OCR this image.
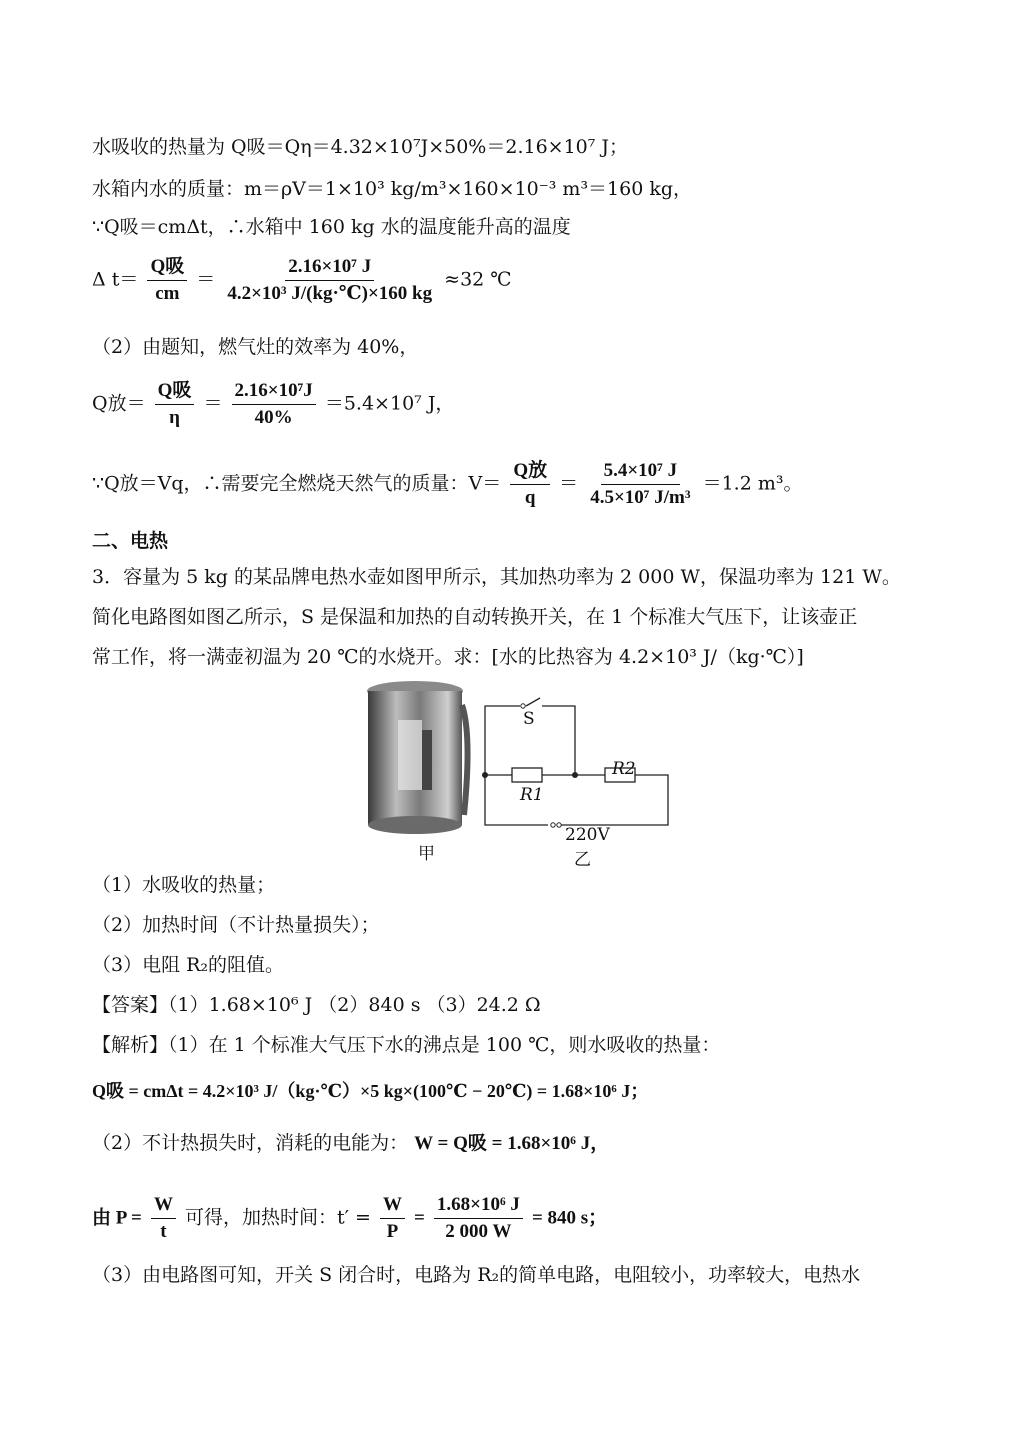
水吸收的热量为 Q吸＝Qη＝4.32×10⁷J×50%＝2.16×10⁷ J；
水箱内水的质量：m＝ρV＝1×10³ kg/m³×160×10⁻³ m³＝160 kg，
∵Q吸＝cmΔt，∴水箱中 160 kg 水的温度能升高的温度
Δ $t= \frac{\text{Q吸}}{cm} = \frac{\text{2.16×10⁷ J}}{\text{4.2×10³ J/(kg·℃)×160 kg}} \approx 32$ ℃
（2）由题知，燃气灶的效率为 40%，
Q放＝ $\frac{\text{Q吸}}{\eta} = \frac{\text{2.16×10⁷J}}{40\%} =5.4\times 10^7$ J，
∵Q放＝Vq，∴需要完全燃烧天然气的质量：$V= \frac{\text{Q放}}{q} = \frac{\text{5.4×10⁷ J}}{\text{4.5×10⁷ J/m³}} =1.2$ m³。
二、电热
3．容量为 5 kg 的某品牌电热水壶如图甲所示，其加热功率为 2 000 W，保温功率为 121 W。
简化电路图如图乙所示，S 是保温和加热的自动转换开关，在 1 个标准大气压下，让该壶正
常工作，将一满壶初温为 20 ℃的水烧开。求：[水的比热容为 4.2×10³ J/（kg·℃）]
S
R1
R2
220V
甲	乙
（1）水吸收的热量；
（2）加热时间（不计热量损失）；
（3）电阻 R₂的阻值。
【答案】（1）1.68×10⁶ J （2）840 s （3）24.2 Ω
【解析】（1）在 1 个标准大气压下水的沸点是 100 ℃，则水吸收的热量：
Q吸 = cmΔt = 4.2×10³ J/（kg·℃）×5 kg×(100℃ − 20℃) = 1.68×10⁶ J；
（2）不计热损失时，消耗的电能为： W = Q吸 = 1.68×10⁶ J，
由 $P = \frac{W}{t}$ 可得，加热时间：$t' = \frac{W}{P} = \frac{\text{1.68×10⁶ J}}{2 000 W} = 840$ s；
（3）由电路图可知，开关 S 闭合时，电路为 R₂的简单电路，电阻较小，功率较大，电热水
